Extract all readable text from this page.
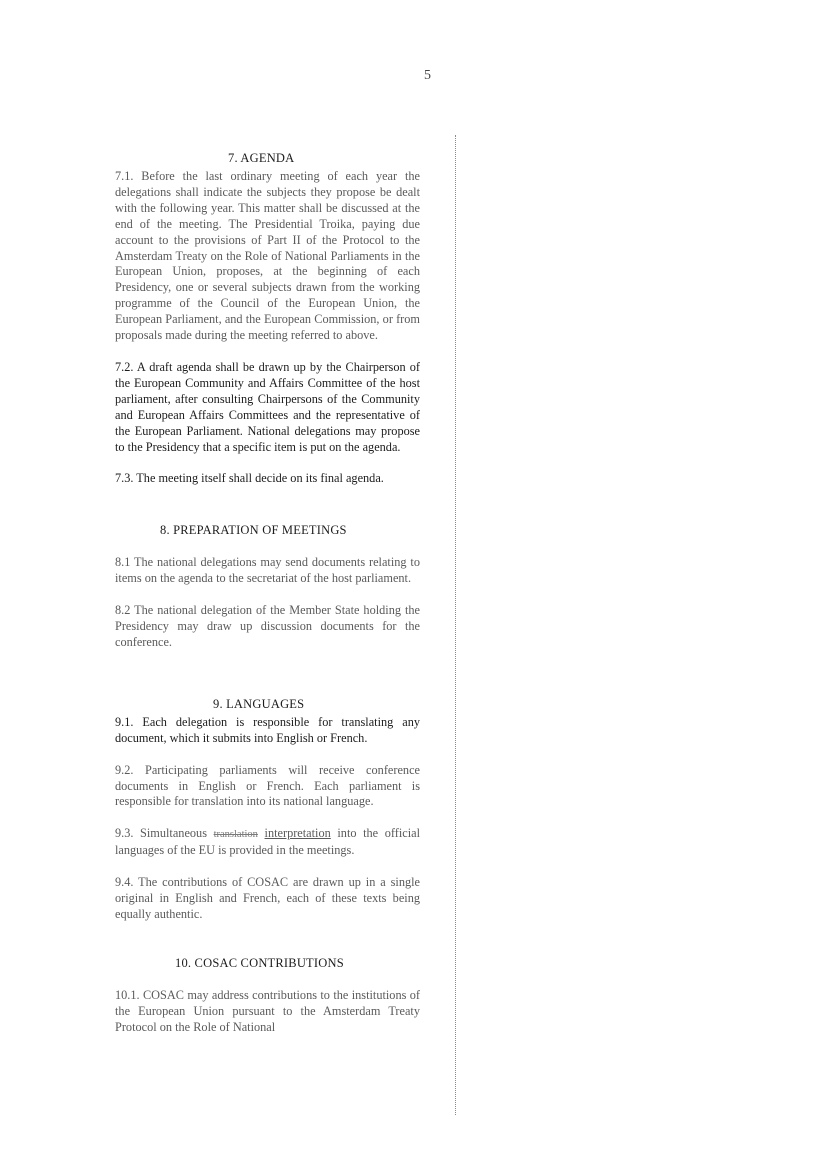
5
7. AGENDA

7.1. Before the last ordinary meeting of each year the delegations shall indicate the subjects they propose be dealt with the following year. This matter shall be discussed at the end of the meeting. The Presidential Troika, paying due account to the provisions of Part II of the Protocol to the Amsterdam Treaty on the Role of National Parliaments in the European Union, proposes, at the beginning of each Presidency, one or several subjects drawn from the working programme of the Council of the European Union, the European Parliament, and the European Commission, or from proposals made during the meeting referred to above.

7.2. A draft agenda shall be drawn up by the Chairperson of the European Community and Affairs Committee of the host parliament, after consulting Chairpersons of the Community and European Affairs Committees and the representative of the European Parliament. National delegations may propose to the Presidency that a specific item is put on the agenda.

7.3. The meeting itself shall decide on its final agenda.

8. PREPARATION OF MEETINGS

8.1 The national delegations may send documents relating to items on the agenda to the secretariat of the host parliament.

8.2 The national delegation of the Member State holding the Presidency may draw up discussion documents for the conference.

9. LANGUAGES

9.1. Each delegation is responsible for translating any document, which it submits into English or French.

9.2. Participating parliaments will receive conference documents in English or French. Each parliament is responsible for translation into its national language.

9.3. Simultaneous translation interpretation into the official languages of the EU is provided in the meetings.

9.4. The contributions of COSAC are drawn up in a single original in English and French, each of these texts being equally authentic.

10. COSAC CONTRIBUTIONS

10.1. COSAC may address contributions to the institutions of the European Union pursuant to the Amsterdam Treaty Protocol on the Role of National
